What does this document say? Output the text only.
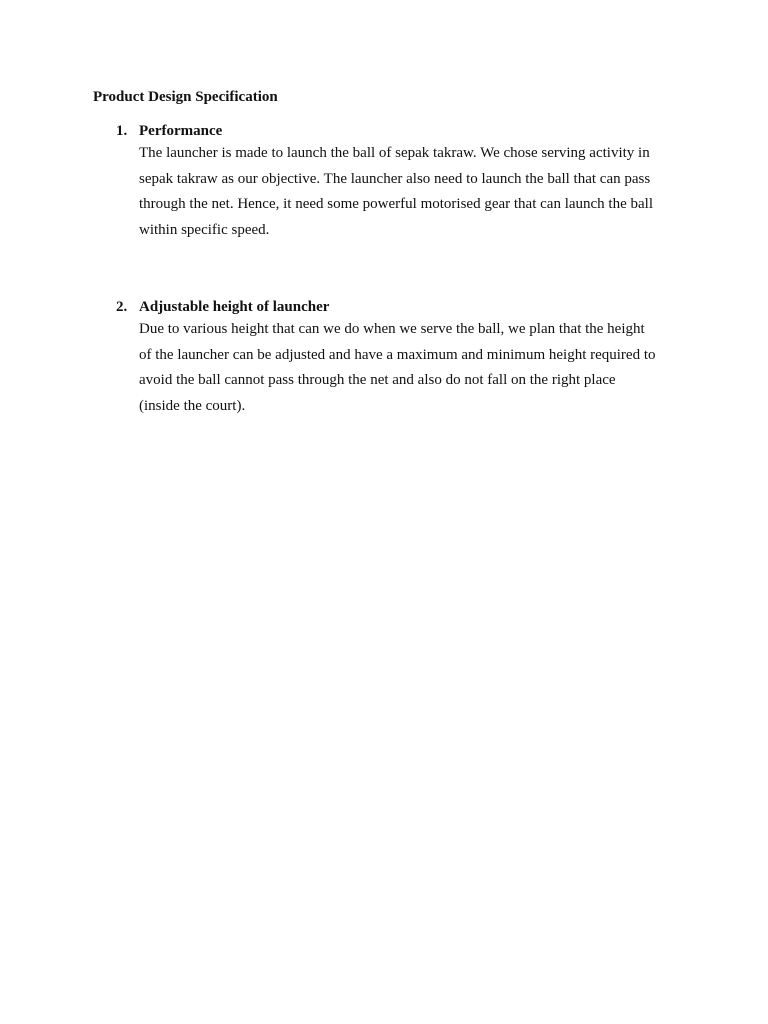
Product Design Specification
1. Performance

The launcher is made to launch the ball of sepak takraw. We chose serving activity in
sepak takraw as our objective. The launcher also need to launch the ball that can pass
through the net. Hence, it need some powerful motorised gear that can launch the ball
within specific speed.

2. Adjustable height of launcher

Due to various height that can we do when we serve the ball, we plan that the height
of the launcher can be adjusted and have a maximum and minimum height required to
avoid the ball cannot pass through the net and also do not fall on the right place
(inside the court).
